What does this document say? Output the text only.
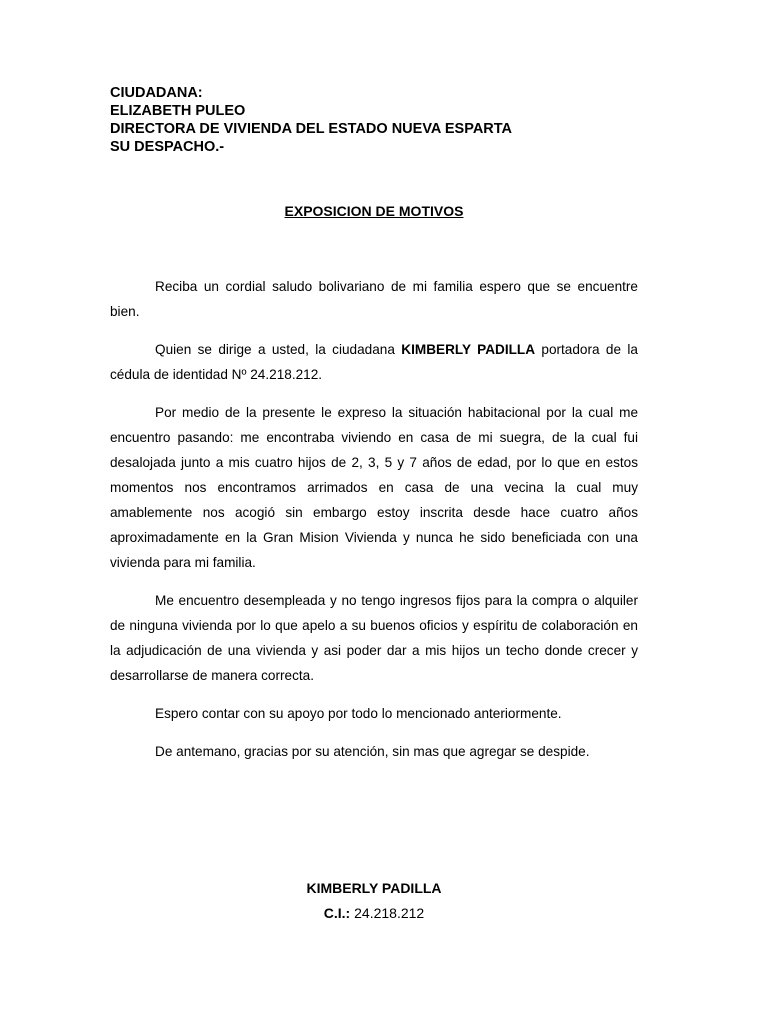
CIUDADANA:
ELIZABETH PULEO
DIRECTORA DE VIVIENDA DEL ESTADO NUEVA ESPARTA
SU DESPACHO.-
EXPOSICION DE MOTIVOS

Reciba un cordial saludo bolivariano de mi familia espero que se encuentre bien.

Quien se dirige a usted, la ciudadana KIMBERLY PADILLA portadora de la cédula de identidad Nº 24.218.212.

Por medio de la presente le expreso la situación habitacional por la cual me encuentro pasando: me encontraba viviendo en casa de mi suegra, de la cual fui desalojada junto a mis cuatro hijos de 2, 3, 5 y 7 años de edad, por lo que en estos momentos nos encontramos arrimados en casa de una vecina la cual muy amablemente nos acogió sin embargo estoy inscrita desde hace cuatro años aproximadamente en la Gran Mision Vivienda y nunca he sido beneficiada con una vivienda para mi familia.

Me encuentro desempleada y no tengo ingresos fijos para la compra o alquiler de ninguna vivienda por lo que apelo a su buenos oficios y espíritu de colaboración en la adjudicación de una vivienda y asi poder dar a mis hijos un techo donde crecer y desarrollarse de manera correcta.

Espero contar con su apoyo por todo lo mencionado anteriormente.

De antemano, gracias por su atención, sin mas que agregar se despide.

KIMBERLY PADILLA
C.I.: 24.218.212
